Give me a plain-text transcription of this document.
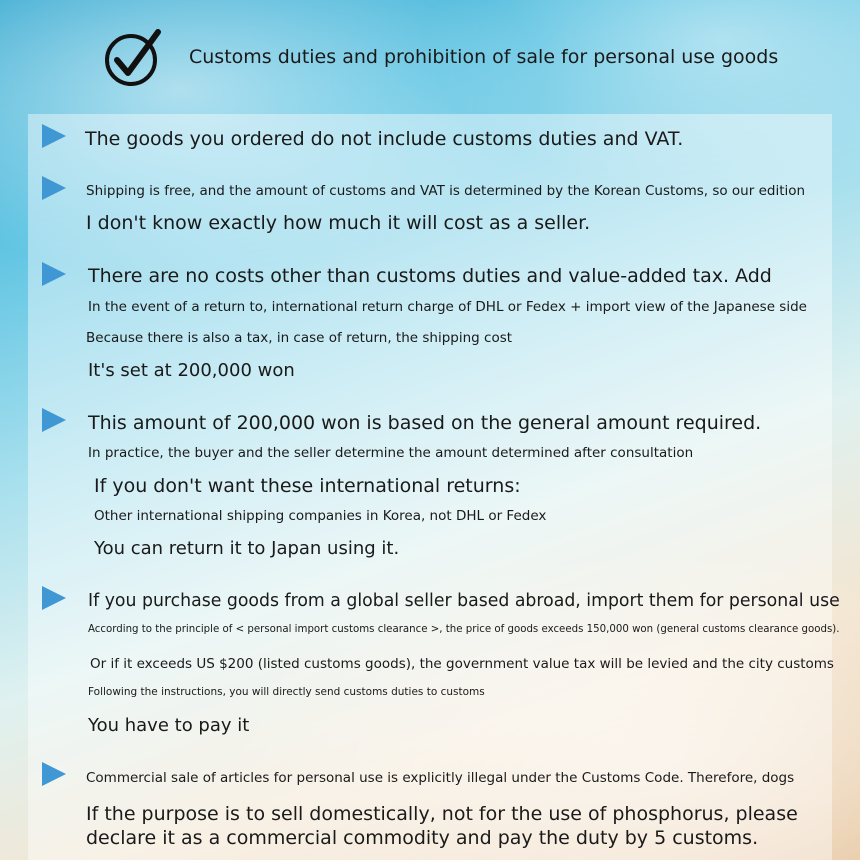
Customs duties and prohibition of sale for personal use goods

The goods you ordered do not include customs duties and VAT.

Shipping is free, and the amount of customs and VAT is determined by the Korean Customs, so our edition

I don't know exactly how much it will cost as a seller.

There are no costs other than customs duties and value-added tax. Add

In the event of a return to, international return charge of DHL or Fedex + import view of the Japanese side

Because there is also a tax, in case of return, the shipping cost

It's set at 200,000 won

This amount of 200,000 won is based on the general amount required.

In practice, the buyer and the seller determine the amount determined after consultation

If you don't want these international returns:

Other international shipping companies in Korea, not DHL or Fedex

You can return it to Japan using it.

If you purchase goods from a global seller based abroad, import them for personal use

According to the principle of < personal import customs clearance >, the price of goods exceeds 150,000 won (general customs clearance goods).

Or if it exceeds US $200 (listed customs goods), the government value tax will be levied and the city customs

Following the instructions, you will directly send customs duties to customs

You have to pay it

Commercial sale of articles for personal use is explicitly illegal under the Customs Code. Therefore, dogs

If the purpose is to sell domestically, not for the use of phosphorus, please

declare it as a commercial commodity and pay the duty by 5 customs.
